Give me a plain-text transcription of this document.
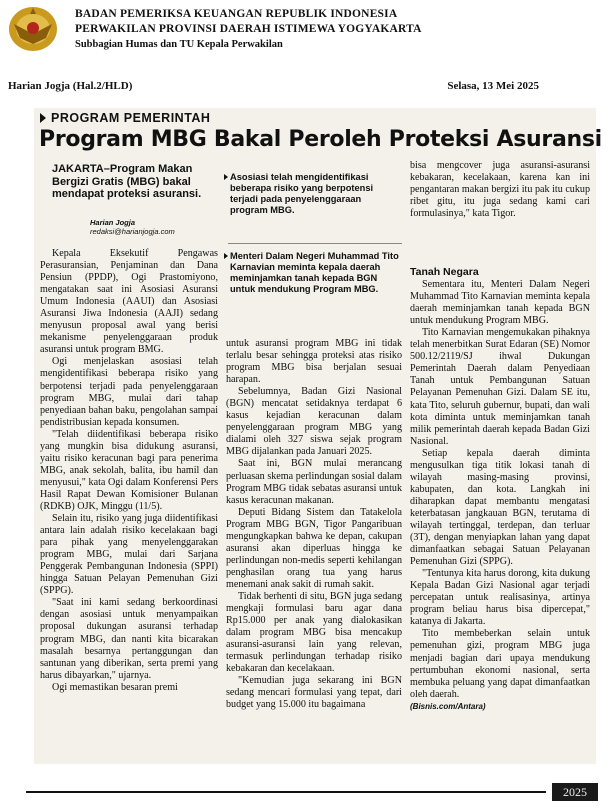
BADAN PEMERIKSA KEUANGAN REPUBLIK INDONESIA
PERWAKILAN PROVINSI DAERAH ISTIMEWA YOGYAKARTA
Subbagian Humas dan TU Kepala Perwakilan
Harian Jogja (Hal.2/HLD)	Selasa, 13 Mei 2025
PROGRAM PEMERINTAH
Program MBG Bakal Peroleh Proteksi Asuransi
JAKARTA–Program Makan Bergizi Gratis (MBG) bakal mendapat proteksi asuransi.
Harian Jogja
redaksi@harianjogja.com
Asosiasi telah mengidentifikasi beberapa risiko yang berpotensi terjadi pada penyelenggaraan program MBG.
Menteri Dalam Negeri Muhammad Tito Karnavian meminta kepala daerah meminjamkan tanah kepada BGN untuk mendukung Program MBG.

Kepala Eksekutif Pengawas Perasuransian, Penjaminan dan Dana Pensiun (PPDP), Ogi Prastomiyono, mengatakan saat ini Asosiasi Asuransi Umum Indonesia (AAUI) dan Asosiasi Asuransi Jiwa Indonesia (AAJI) sedang menyusun proposal awal yang berisi mekanisme penyelenggaraan produk asuransi untuk program BMG.

Ogi menjelaskan asosiasi telah mengidentifikasi beberapa risiko yang berpotensi terjadi pada penyelenggaraan program MBG, mulai dari tahap penyediaan bahan baku, pengolahan sampai pendistribusian kepada konsumen.

"Telah diidentifikasi beberapa risiko yang mungkin bisa didukung asuransi, yaitu risiko keracunan bagi para penerima MBG, anak sekolah, balita, ibu hamil dan menyusui," kata Ogi dalam Konferensi Pers Hasil Rapat Dewan Komisioner Bulanan (RDKB) OJK, Minggu (11/5).

Selain itu, risiko yang juga diidentifikasi antara lain adalah risiko kecelakaan bagi para pihak yang menyelenggarakan program MBG, mulai dari Sarjana Penggerak Pembangunan Indonesia (SPPI) hingga Satuan Pelayan Pemenuhan Gizi (SPPG).

"Saat ini kami sedang berkoordinasi dengan asosiasi untuk menyampaikan proposal dukungan asuransi terhadap program MBG, dan nanti kita bicarakan masalah besarnya pertanggungan dan santunan yang diberikan, serta premi yang harus dibayarkan," ujarnya.

Ogi memastikan besaran premi

untuk asuransi program MBG ini tidak terlalu besar sehingga proteksi atas risiko program MBG bisa berjalan sesuai harapan.

Sebelumnya, Badan Gizi Nasional (BGN) mencatat setidaknya terdapat 6 kasus kejadian keracunan dalam penyelenggaraan program MBG yang dialami oleh 327 siswa sejak program MBG dijalankan pada Januari 2025.

Saat ini, BGN mulai merancang perluasan skema perlindungan sosial dalam Program MBG tidak sebatas asuransi untuk kasus keracunan makanan.

Deputi Bidang Sistem dan Tatakelola Program MBG BGN, Tigor Pangaribuan mengungkapkan bahwa ke depan, cakupan asuransi akan diperluas hingga ke perlindungan non-medis seperti kehilangan penghasilan orang tua yang harus menemani anak sakit di rumah sakit.

Tidak berhenti di situ, BGN juga sedang mengkaji formulasi baru agar dana Rp15.000 per anak yang dialokasikan dalam program MBG bisa mencakup asuransi-asuransi lain yang relevan, termasuk perlindungan terhadap risiko kebakaran dan kecelakaan.

"Kemudian juga sekarang ini BGN sedang mencari formulasi yang tepat, dari budget yang 15.000 itu bagaimana

bisa mengcover juga asuransi-asuransi kebakaran, kecelakaan, karena kan ini pengantaran makan bergizi itu pak itu cukup ribet gitu, itu juga sedang kami cari formulasinya," kata Tigor.

Tanah Negara

Sementara itu, Menteri Dalam Negeri Muhammad Tito Karnavian meminta kepala daerah meminjamkan tanah kepada BGN untuk mendukung Program MBG.

Tito Karnavian mengemukakan pihaknya telah menerbitkan Surat Edaran (SE) Nomor 500.12/2119/SJ ihwal Dukungan Pemerintah Daerah dalam Penyediaan Tanah untuk Pembangunan Satuan Pelayanan Pemenuhan Gizi. Dalam SE itu, kata Tito, seluruh gubernur, bupati, dan wali kota diminta untuk meminjamkan tanah milik pemerintah daerah kepada Badan Gizi Nasional.

Setiap kepala daerah diminta mengusulkan tiga titik lokasi tanah di wilayah masing-masing provinsi, kabupaten, dan kota. Langkah ini diharapkan dapat membantu mengatasi keterbatasan jangkauan BGN, terutama di wilayah tertinggal, terdepan, dan terluar (3T), dengan menyiapkan lahan yang dapat dimanfaatkan sebagai Satuan Pelayanan Pemenuhan Gizi (SPPG).

"Tentunya kita harus dorong, kita dukung Kepala Badan Gizi Nasional agar terjadi percepatan untuk realisasinya, artinya program beliau harus bisa dipercepat," katanya di Jakarta.

Tito membeberkan selain untuk pemenuhan gizi, program MBG juga menjadi bagian dari upaya mendukung pertumbuhan ekonomi nasional, serta membuka peluang yang dapat dimanfaatkan oleh daerah.

(Bisnis.com/Antara)
2025
